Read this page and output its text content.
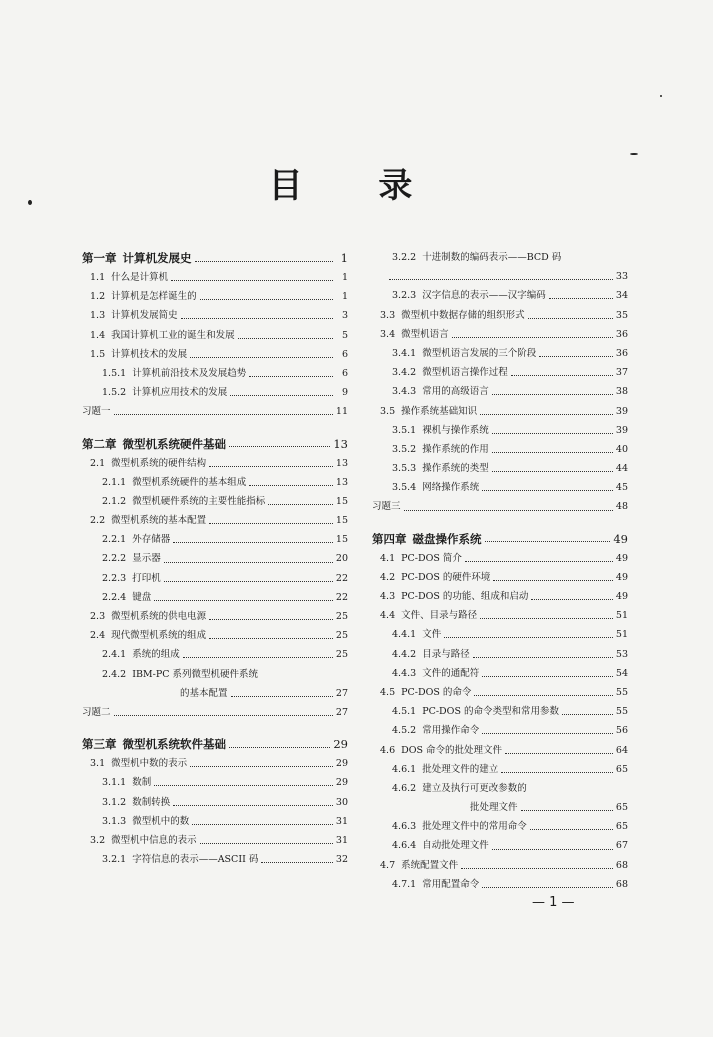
目 录
第一章 计算机发展史	1
1.1 什么是计算机	1
1.2 计算机是怎样诞生的	1
1.3 计算机发展简史	3
1.4 我国计算机工业的诞生和发展	5
1.5 计算机技术的发展	6
1.5.1 计算机前沿技术及发展趋势	6
1.5.2 计算机应用技术的发展	9
习题一	11
第二章 微型机系统硬件基础	13
2.1 微型机系统的硬件结构	13
2.1.1 微型机系统硬件的基本组成	13
2.1.2 微型机硬件系统的主要性能指标	15
2.2 微型机系统的基本配置	15
2.2.1 外存储器	15
2.2.2 显示器	20
2.2.3 打印机	22
2.2.4 键盘	22
2.3 微型机系统的供电电源	25
2.4 现代微型机系统的组成	25
2.4.1 系统的组成	25
2.4.2 IBM-PC 系列微型机硬件系统
的基本配置	27
习题二	27
第三章 微型机系统软件基础	29
3.1 微型机中数的表示	29
3.1.1 数制	29
3.1.2 数制转换	30
3.1.3 微型机中的数	31
3.2 微型机中信息的表示	31
3.2.1 字符信息的表示——ASCII 码	32
3.2.2 十进制数的编码表示——BCD 码
33
3.2.3 汉字信息的表示——汉字编码	34
3.3 微型机中数据存储的组织形式	35
3.4 微型机语言	36
3.4.1 微型机语言发展的三个阶段	36
3.4.2 微型机语言操作过程	37
3.4.3 常用的高级语言	38
3.5 操作系统基础知识	39
3.5.1 裸机与操作系统	39
3.5.2 操作系统的作用	40
3.5.3 操作系统的类型	44
3.5.4 网络操作系统	45
习题三	48
第四章 磁盘操作系统	49
4.1 PC-DOS 简介	49
4.2 PC-DOS 的硬件环境	49
4.3 PC-DOS 的功能、组成和启动	49
4.4 文件、目录与路径	51
4.4.1 文件	51
4.4.2 目录与路径	53
4.4.3 文件的通配符	54
4.5 PC-DOS 的命令	55
4.5.1 PC-DOS 的命令类型和常用参数	55
4.5.2 常用操作命令	56
4.6 DOS 命令的批处理文件	64
4.6.1 批处理文件的建立	65
4.6.2 建立及执行可更改参数的
批处理文件	65
4.6.3 批处理文件中的常用命令	65
4.6.4 自动批处理文件	67
4.7 系统配置文件	68
4.7.1 常用配置命令	68
— 1 —
